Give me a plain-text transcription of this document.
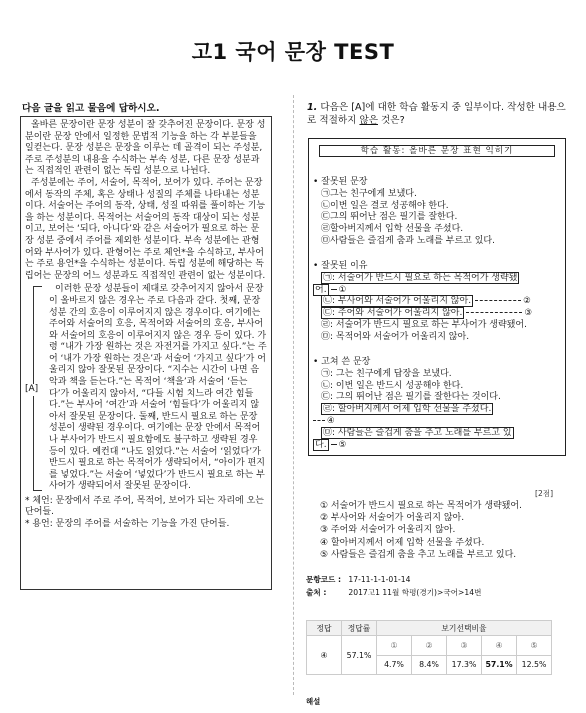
고1 국어 문장 TEST
다음 글을 읽고 물음에 답하시오.

올바른 문장이란 문장 성분이 잘 갖추어진 문장이다. 문장 성분이란 문장 안에서 일정한 문법적 기능을 하는 각 부분들을 일컫는다. 문장 성분은 문장을 이루는 데 골격이 되는 주성분, 주로 주성분의 내용을 수식하는 부속 성분, 다른 문장 성분과는 직접적인 관련이 없는 독립 성분으로 나뉜다.

주성분에는 주어, 서술어, 목적어, 보어가 있다. 주어는 문장에서 동작의 주체, 혹은 상태나 성질의 주체를 나타내는 성분이다. 서술어는 주어의 동작, 상태, 성질 따위를 풀이하는 기능을 하는 성분이다. 목적어는 서술어의 동작 대상이 되는 성분이고, 보어는 ‘되다, 아니다’와 같은 서술어가 필요로 하는 문장 성분 중에서 주어를 제외한 성분이다. 부속 성분에는 관형어와 부사어가 있다. 관형어는 주로 체언*을 수식하고, 부사어는 주로 용언*을 수식하는 성분이다. 독립 성분에 해당하는 독립어는 문장의 어느 성분과도 직접적인 관련이 없는 성분이다.

[A]

이러한 문장 성분들이 제대로 갖추어지지 않아서 문장이 올바르지 않은 경우는 주로 다음과 같다. 첫째, 문장 성분 간의 호응이 이루어지지 않은 경우이다. 여기에는 주어와 서술어의 호응, 목적어와 서술어의 호응, 부사어와 서술어의 호응이 이루어지지 않은 경우 등이 있다. 가령 “내가 가장 원하는 것은 자전거를 가지고 싶다.”는 주어 ‘내가 가장 원하는 것은’과 서술어 ‘가지고 싶다’가 어울리지 않아 잘못된 문장이다. “지수는 시간이 나면 음악과 책을 듣는다.”는 목적어 ‘책을’과 서술어 ‘듣는다’가 어울리지 않아서, “다들 시험 치느라 여간 힘들다.”는 부사어 ‘여간’과 서술어 ‘힘들다’가 어울리지 않아서 잘못된 문장이다. 둘째, 반드시 필요로 하는 문장 성분이 생략된 경우이다. 여기에는 문장 안에서 목적어나 부사어가 반드시 필요함에도 불구하고 생략된 경우 등이 있다. 예컨대 “나도 읽었다.”는 서술어 ‘읽었다’가 반드시 필요로 하는 목적어가 생략되어서, “아이가 편지를 넣었다.”는 서술어 ‘넣었다’가 반드시 필요로 하는 부사어가 생략되어서 잘못된 문장이다.

* 체언: 문장에서 주로 주어, 목적어, 보어가 되는 자리에 오는 단어들.
* 용언: 문장의 주어를 서술하는 기능을 가진 단어들.
1. 다음은 [A]에 대한 학습 활동지 중 일부이다. 작성한 내용으로 적절하지 않은 것은?
학습 활동: 올바른 문장 표현 익히기
• 잘못된 문장
㉠그는 친구에게 보냈다.
㉡이번 일은 결코 성공해야 한다.
㉢그의 뛰어난 점은 필기를 잘한다.
㉣할아버지께서 입학 선물을 주셨다.
㉤사람들은 즐겁게 춤과 노래를 부르고 있다.
• 잘못된 이유
㉠: 서술어가 반드시 필요로 하는 목적어가 생략됐
어. ①
㉡: 부사어와 서술어가 어울리지 않아.	②
㉢: 주어와 서술어가 어울리지 않아.	③
㉣: 서술어가 반드시 필요로 하는 부사어가 생략됐어.
㉤: 목적어와 서술어가 어울리지 않아.
• 고쳐 쓴 문장
㉠: 그는 친구에게 답장을 보냈다.
㉡: 이번 일은 반드시 성공해야 한다.
㉢: 그의 뛰어난 점은 필기를 잘한다는 것이다.
㉣: 할아버지께서 어제 입학 선물을 주셨다.
④
㉤: 사람들은 즐겁게 춤을 추고 노래를 부르고 있
다. ⑤
[2점]
① 서술어가 반드시 필요로 하는 목적어가 생략됐어.
② 부사어와 서술어가 어울리지 않아.
③ 주어와 서술어가 어울리지 않아.
④ 할아버지께서 어제 입학 선물을 주셨다.
⑤ 사람들은 즐겁게 춤을 추고 노래를 부르고 있다.
문항코드 : 17-11-1-1-01-14
출처 :	2017고1 11월 학평(경기)>국어>14번
정답	정답률	보기선택비율				
④	57.1%	①	②	③	④	⑤
		4.7%	8.4%	17.3%	57.1%	12.5%
해설
